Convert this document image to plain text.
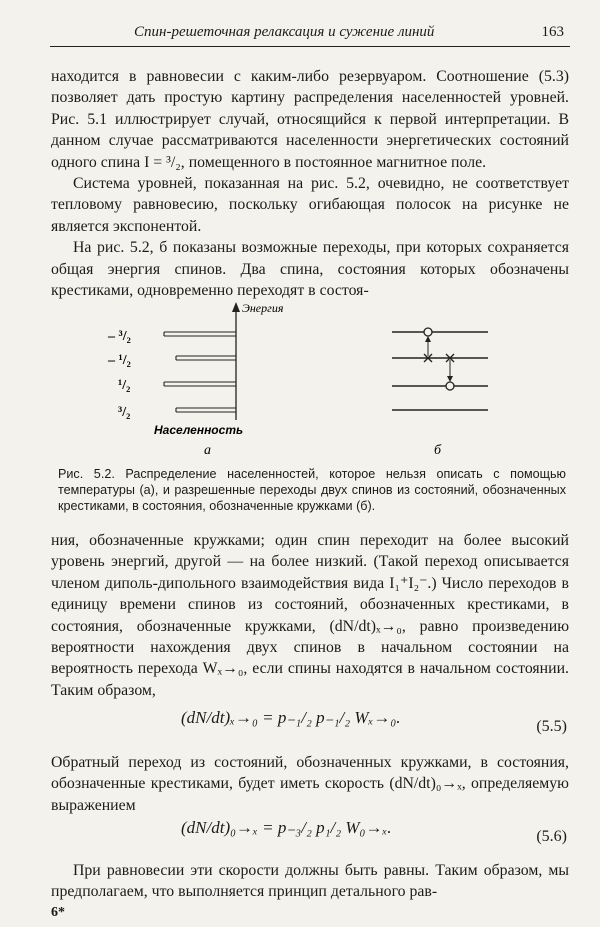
Спин-решеточная релаксация и сужение линий	163

находится в равновесии с каким-либо резервуаром. Соотношение (5.3) позволяет дать простую картину распределения населенностей уровней. Рис. 5.1 иллюстрирует случай, относящийся к первой интерпретации. В данном случае рассматриваются населенности энергетических состояний одного спина I = ³/₂, помещенного в постоянное магнитное поле.

Система уровней, показанная на рис. 5.2, очевидно, не соответствует тепловому равновесию, поскольку огибающая полосок на рисунке не является экспонентой.

На рис. 5.2, б показаны возможные переходы, при которых сохраняется общая энергия спинов. Два спина, состояния которых обозначены крестиками, одновременно переходят в состоя-

Энергия
– ³/₂
– ¹/₂
¹/₂
³/₂
Населенность
а	б
Рис. 5.2. Распределение населенностей, которое нельзя описать с помощью температуры (а), и разрешенные переходы двух спинов из состояний, обозначенных крестиками, в состояния, обозначенные кружками (б).

ния, обозначенные кружками; один спин переходит на более высокий уровень энергий, другой — на более низкий. (Такой переход описывается членом диполь-дипольного взаимодействия вида I₁⁺I₂⁻.) Число переходов в единицу времени спинов из состояний, обозначенных крестиками, в состояния, обозначенные кружками, (dN/dt)ₓ→₀, равно произведению вероятности нахождения двух спинов в начальном состоянии на вероятность перехода Wₓ→₀, если спины находятся в начальном состоянии. Таким образом,

(dN/dt)ₓ→₀ = p₋₁/₂ p₋₁/₂ Wₓ→₀.	(5.5)

Обратный переход из состояний, обозначенных кружками, в состояния, обозначенные крестиками, будет иметь скорость (dN/dt)₀→ₓ, определяемую выражением

(dN/dt)₀→ₓ = p₋₃/₂ p₁/₂ W₀→ₓ.	(5.6)

При равновесии эти скорости должны быть равны. Таким образом, мы предполагаем, что выполняется принцип детального рав-

6*
